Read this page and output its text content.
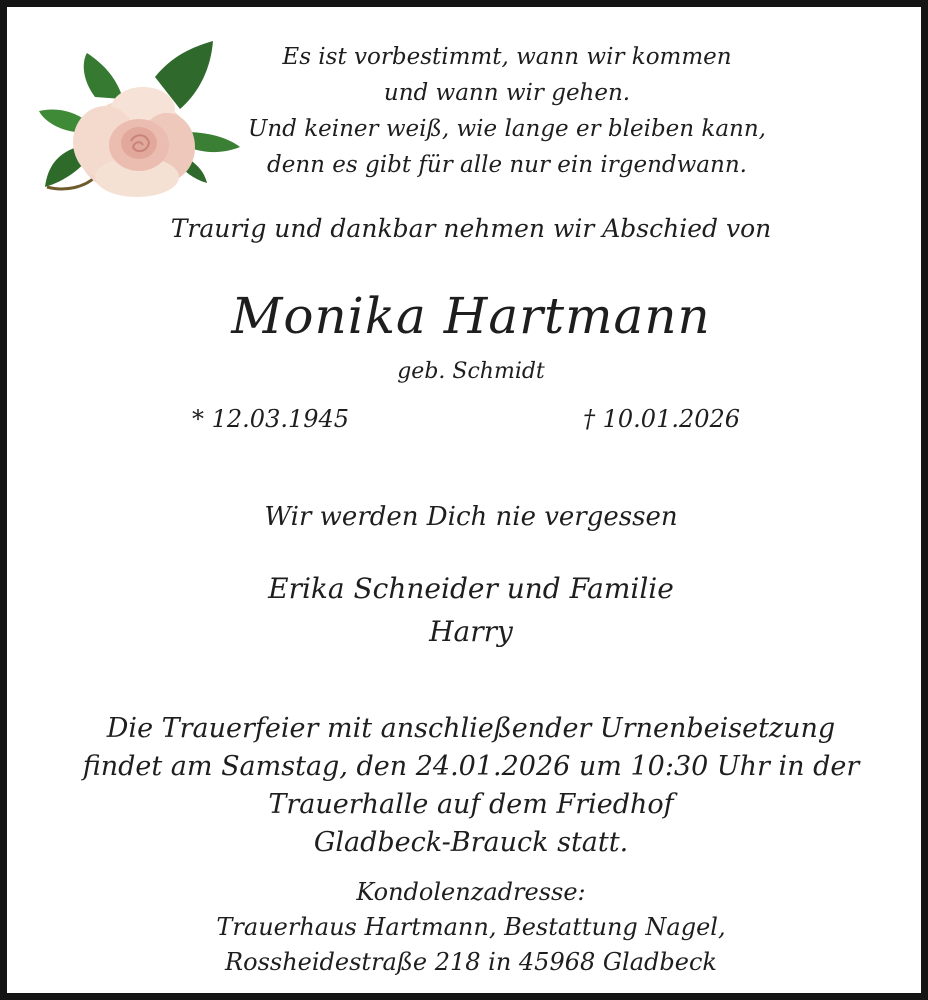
Es ist vorbestimmt, wann wir kommen
und wann wir gehen.
Und keiner weiß, wie lange er bleiben kann,
denn es gibt für alle nur ein irgendwann.
Traurig und dankbar nehmen wir Abschied von
Monika Hartmann
geb. Schmidt
* 12.03.1945	† 10.01.2026
Wir werden Dich nie vergessen
Erika Schneider und Familie
Harry
Die Trauerfeier mit anschließender Urnenbeisetzung
findet am Samstag, den 24.01.2026 um 10:30 Uhr in der
Trauerhalle auf dem Friedhof
Gladbeck-Brauck statt.
Kondolenzadresse:
Trauerhaus Hartmann, Bestattung Nagel,
Rossheidestraße 218 in 45968 Gladbeck
